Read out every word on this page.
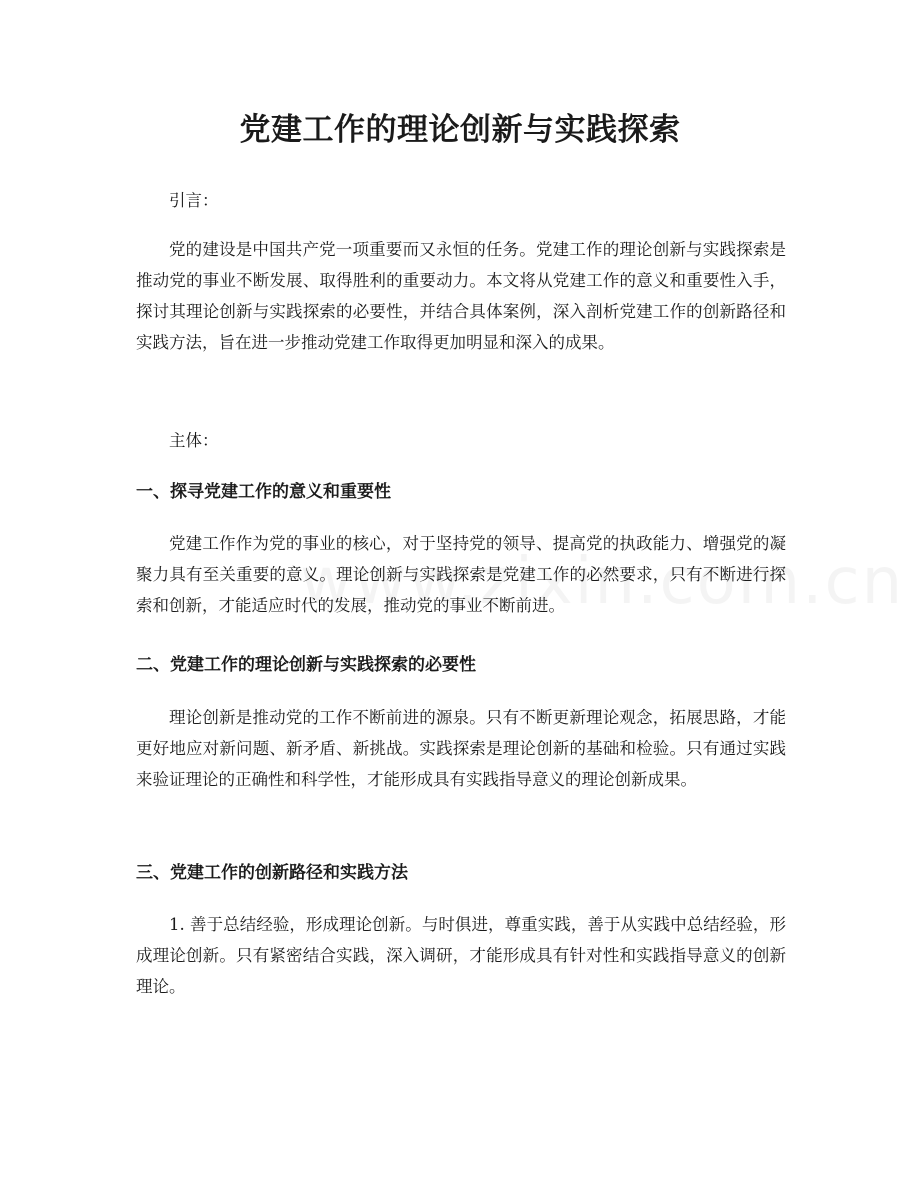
党建工作的理论创新与实践探索

引言：

党的建设是中国共产党一项重要而又永恒的任务。党建工作的理论创新与实践探索是推动党的事业不断发展、取得胜利的重要动力。本文将从党建工作的意义和重要性入手，探讨其理论创新与实践探索的必要性，并结合具体案例，深入剖析党建工作的创新路径和实践方法，旨在进一步推动党建工作取得更加明显和深入的成果。

主体：

一、探寻党建工作的意义和重要性

党建工作作为党的事业的核心，对于坚持党的领导、提高党的执政能力、增强党的凝聚力具有至关重要的意义。理论创新与实践探索是党建工作的必然要求，只有不断进行探索和创新，才能适应时代的发展，推动党的事业不断前进。

二、党建工作的理论创新与实践探索的必要性

理论创新是推动党的工作不断前进的源泉。只有不断更新理论观念，拓展思路，才能更好地应对新问题、新矛盾、新挑战。实践探索是理论创新的基础和检验。只有通过实践来验证理论的正确性和科学性，才能形成具有实践指导意义的理论创新成果。

三、党建工作的创新路径和实践方法

1. 善于总结经验，形成理论创新。与时俱进，尊重实践，善于从实践中总结经验，形成理论创新。只有紧密结合实践，深入调研，才能形成具有针对性和实践指导意义的创新理论。
